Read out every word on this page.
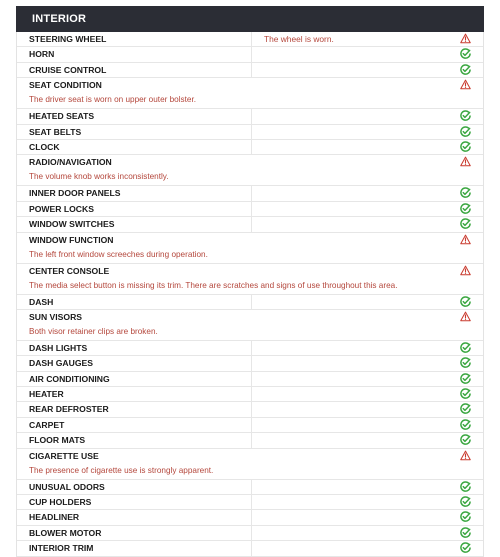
INTERIOR
STEERING WHEEL	The wheel is worn.
HORN
CRUISE CONTROL
SEAT CONDITION
The driver seat is worn on upper outer bolster.
HEATED SEATS
SEAT BELTS
CLOCK
RADIO/NAVIGATION
The volume knob works inconsistently.
INNER DOOR PANELS
POWER LOCKS
WINDOW SWITCHES
WINDOW FUNCTION
The left front window screeches during operation.
CENTER CONSOLE
The media select button is missing its trim. There are scratches and signs of use throughout this area.
DASH
SUN VISORS
Both visor retainer clips are broken.
DASH LIGHTS
DASH GAUGES
AIR CONDITIONING
HEATER
REAR DEFROSTER
CARPET
FLOOR MATS
CIGARETTE USE
The presence of cigarette use is strongly apparent.
UNUSUAL ODORS
CUP HOLDERS
HEADLINER
BLOWER MOTOR
INTERIOR TRIM
